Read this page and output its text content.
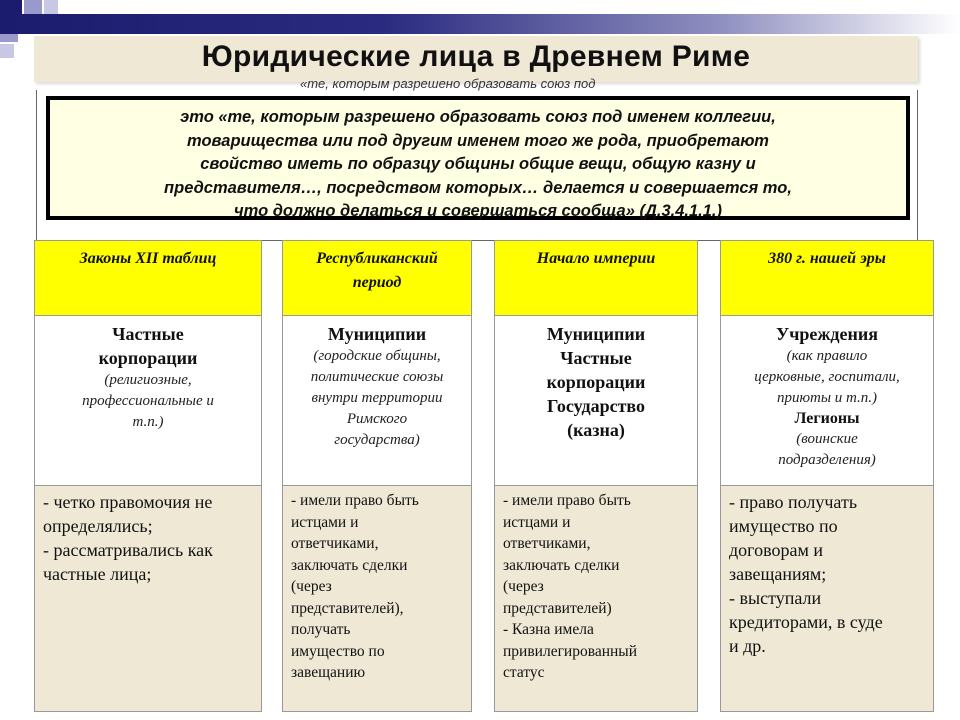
Юридические лица в Древнем Риме
«те, которым разрешено образовать союз под
это «те, которым разрешено образовать союз под именем коллегии,
товарищества или под другим именем того же рода, приобретают
свойство иметь по образцу общины общие вещи, общую казну и
представителя…, посредством которых… делается и совершается то,
что должно делаться и совершаться сообща» (Д.3.4.1.1.)
Законы XII таблиц
Частные
корпорации
(религиозные,
профессиональные и
т.п.)
- четко правомочия не
определялись;
- рассматривались как
частные лица;
Республиканский
период
Муниципии
(городские общины,
политические союзы
внутри территории
Римского
государства)
- имели право быть
истцами и
ответчиками,
заключать сделки
(через
представителей),
получать
имущество по
завещанию
Начало империи
Муниципии
Частные
корпорации
Государство
(казна)
- имели право быть
истцами и
ответчиками,
заключать сделки
(через
представителей)
- Казна имела
привилегированный
статус
380 г. нашей эры
Учреждения
(как правило
церковные, госпитали,
приюты и т.п.)
Легионы
(воинские
подразделения)
- право получать
имущество по
договорам и
завещаниям;
- выступали
кредиторами, в суде
и др.
